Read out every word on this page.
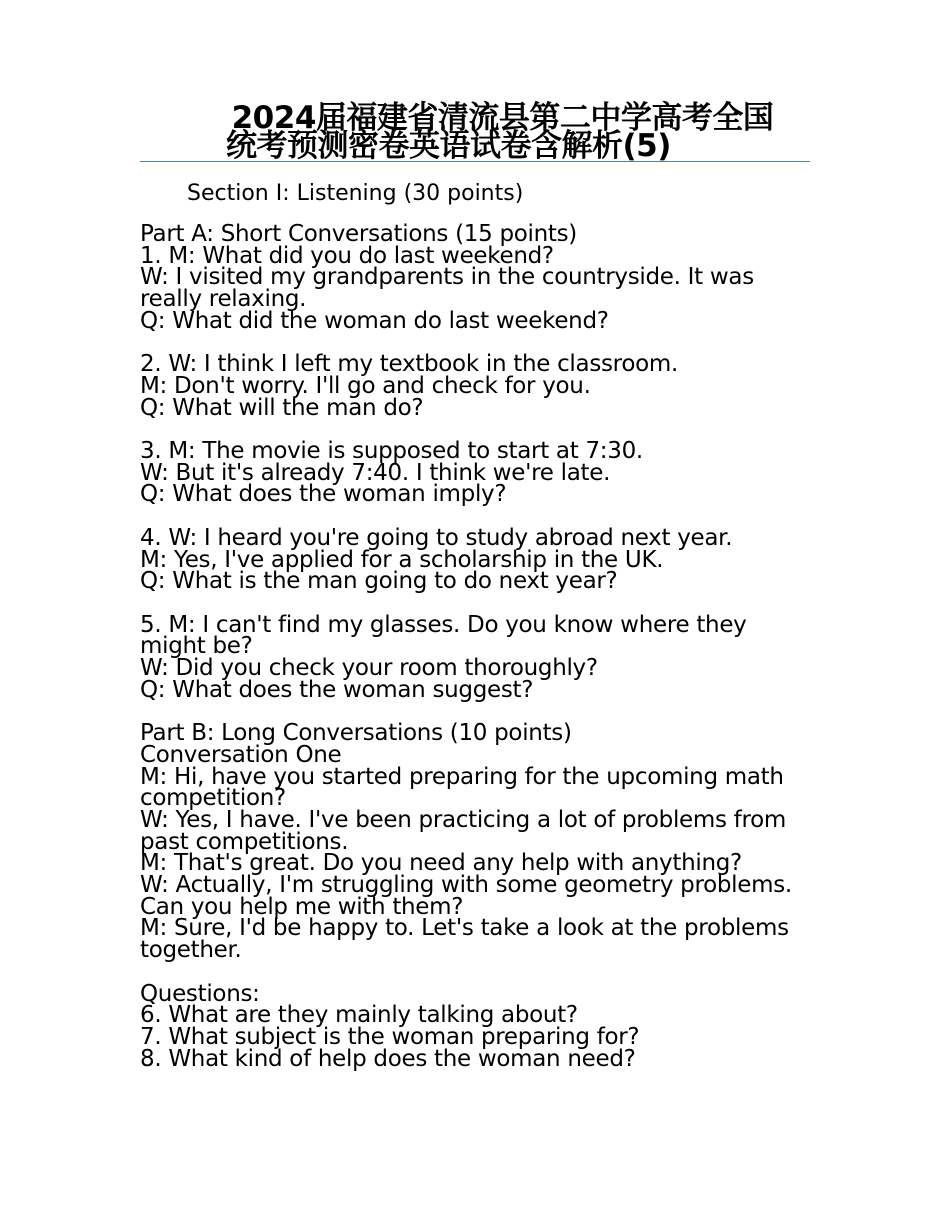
2024届福建省清流县第二中学高考全国
统考预测密卷英语试卷含解析(5)
Section I: Listening (30 points)
Part A: Short Conversations (15 points)
1. M: What did you do last weekend?
W: I visited my grandparents in the countryside. It was really relaxing.
Q: What did the woman do last weekend?
2. W: I think I left my textbook in the classroom.
M: Don't worry. I'll go and check for you.
Q: What will the man do?
3. M: The movie is supposed to start at 7:30.
W: But it's already 7:40. I think we're late.
Q: What does the woman imply?
4. W: I heard you're going to study abroad next year.
M: Yes, I've applied for a scholarship in the UK.
Q: What is the man going to do next year?
5. M: I can't find my glasses. Do you know where they might be?
W: Did you check your room thoroughly?
Q: What does the woman suggest?
Part B: Long Conversations (10 points)
Conversation One
M: Hi, have you started preparing for the upcoming math competition?
W: Yes, I have. I've been practicing a lot of problems from past competitions.
M: That's great. Do you need any help with anything?
W: Actually, I'm struggling with some geometry problems. Can you help me with them?
M: Sure, I'd be happy to. Let's take a look at the problems together.
Questions:
6. What are they mainly talking about?
7. What subject is the woman preparing for?
8. What kind of help does the woman need?
